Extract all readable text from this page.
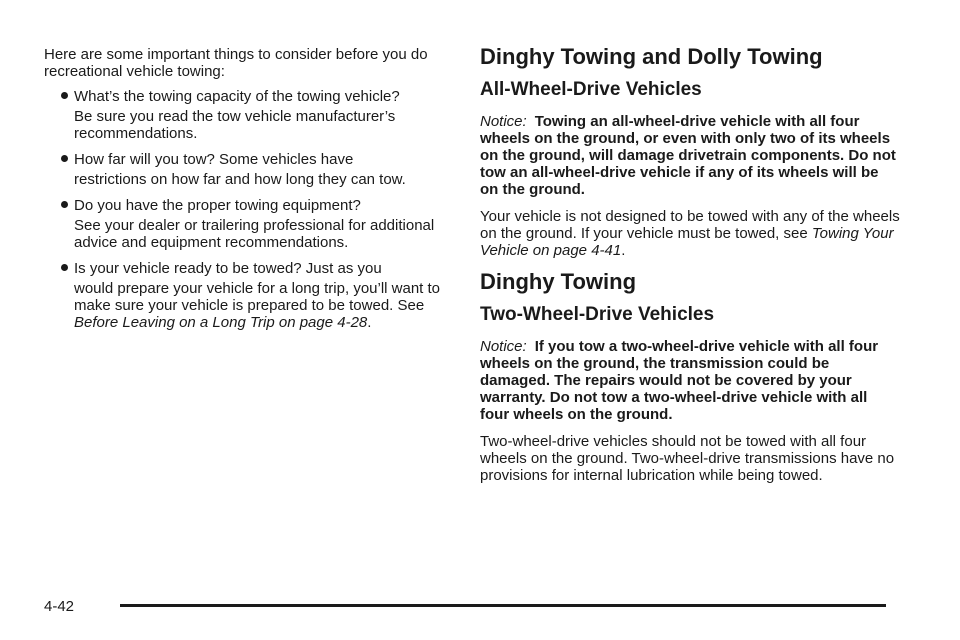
Here are some important things to consider before you do recreational vehicle towing:

What’s the towing capacity of the towing vehicle?
Be sure you read the tow vehicle manufacturer’s recommendations.
How far will you tow? Some vehicles have
restrictions on how far and how long they can tow.
Do you have the proper towing equipment?
See your dealer or trailering professional for additional advice and equipment recommendations.
Is your vehicle ready to be towed? Just as you
would prepare your vehicle for a long trip, you’ll want to make sure your vehicle is prepared to be towed. See Before Leaving on a Long Trip on page 4-28.
Dinghy Towing and Dolly Towing
All-Wheel-Drive Vehicles

Notice: Towing an all-wheel-drive vehicle with all four wheels on the ground, or even with only two of its wheels on the ground, will damage drivetrain components. Do not tow an all-wheel-drive vehicle if any of its wheels will be on the ground.

Your vehicle is not designed to be towed with any of the wheels on the ground. If your vehicle must be towed, see Towing Your Vehicle on page 4-41.

Dinghy Towing
Two-Wheel-Drive Vehicles

Notice: If you tow a two-wheel-drive vehicle with all four wheels on the ground, the transmission could be damaged. The repairs would not be covered by your warranty. Do not tow a two-wheel-drive vehicle with all four wheels on the ground.

Two-wheel-drive vehicles should not be towed with all four wheels on the ground. Two-wheel-drive transmissions have no provisions for internal lubrication while being towed.

4-42
